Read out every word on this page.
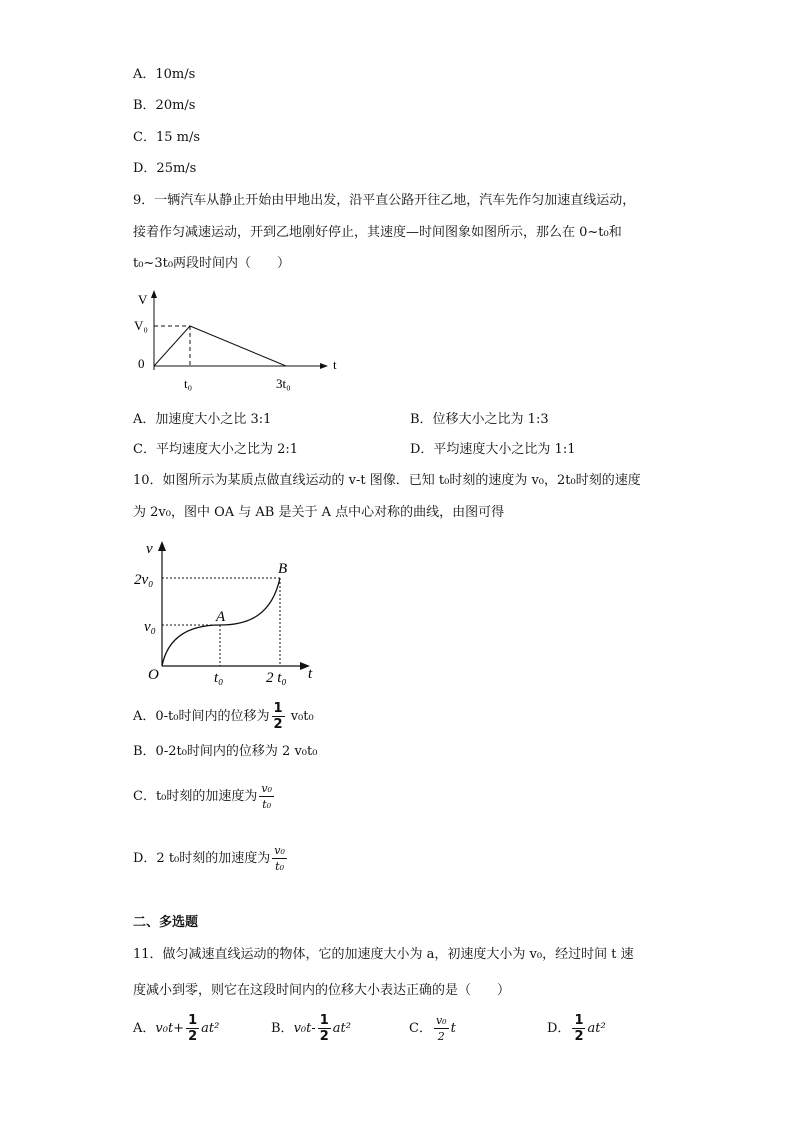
A．10m/s
B．20m/s
C．15 m/s
D．25m/s
9．一辆汽车从静止开始由甲地出发，沿平直公路开往乙地，汽车先作匀加速直线运动，
接着作匀减速运动，开到乙地刚好停止，其速度—时间图象如图所示，那么在 0~t₀和
t₀~3t₀两段时间内（　　）
V
V₀
0	t
t₀	3t₀
A．加速度大小之比 3:1	B．位移大小之比为 1:3
C．平均速度大小之比为 2:1	D．平均速度大小之比为 1:1
10．如图所示为某质点做直线运动的 v-t 图像．已知 t₀时刻的速度为 v₀，2t₀时刻的速度
为 2v₀，图中 OA 与 AB 是关于 A 点中心对称的曲线，由图可得
v
2v₀
v₀
O
A
B
t₀	2 t₀ t
A．0-t₀时间内的位移为 $\frac{1}{2} v_0t_0$
B．0-2t₀时间内的位移为 2 v₀t₀
C．t₀时刻的加速度为 $\frac{\text{v₀}}{\text{t₀}}$
D．2 t₀时刻的加速度为 $\frac{\text{v₀}}{\text{t₀}}$
二、多选题
11．做匀减速直线运动的物体，它的加速度大小为 a，初速度大小为 v₀，经过时间 t 速
度减小到零，则它在这段时间内的位移大小表达正确的是（　　）
A．$v_0t+ \frac{1}{2} at^2$	B．$v_0t- \frac{1}{2} at^2$	C． $\frac{\text{v₀}}{2}$ t	D． $\frac{1}{2} at^2$
